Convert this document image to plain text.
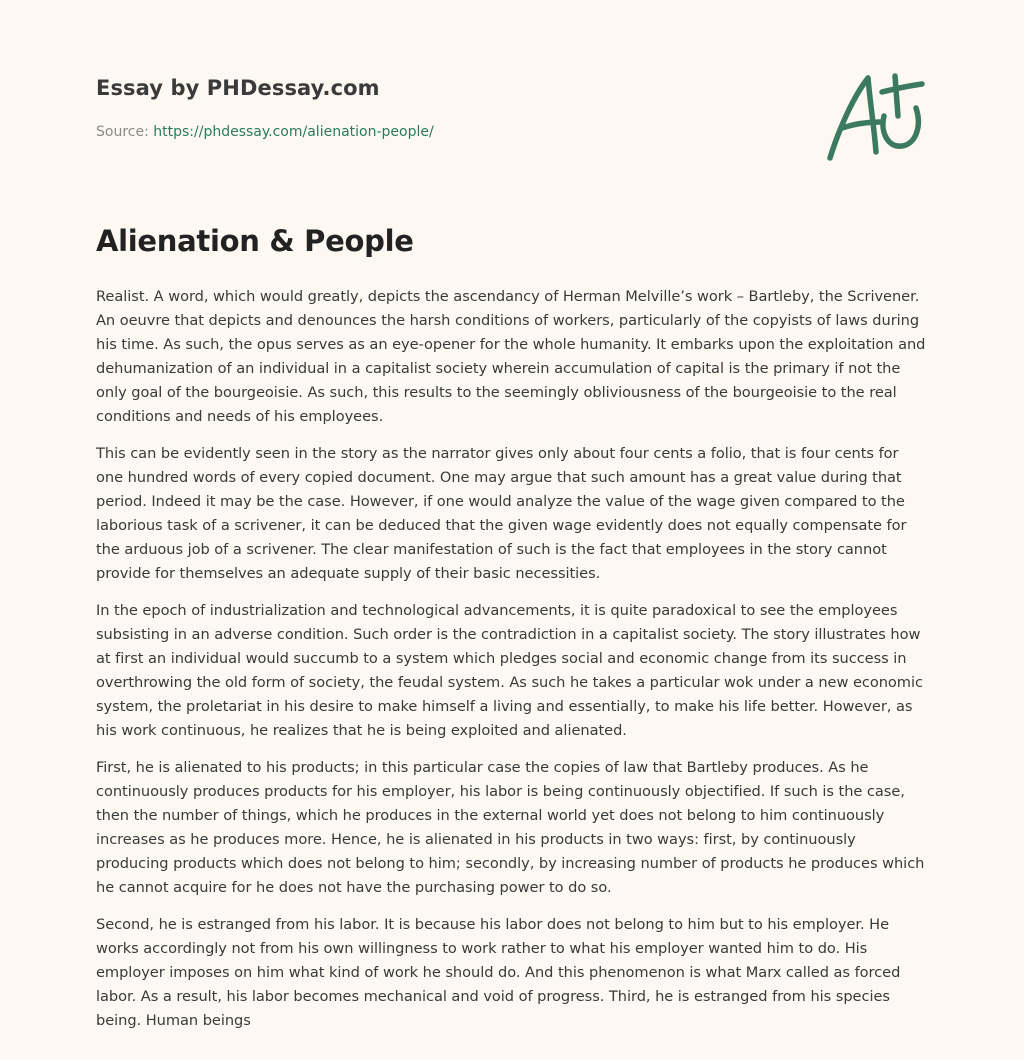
Essay by PHDessay.com
Source: https://phdessay.com/alienation-people/
Alienation & People

Realist. A word, which would greatly, depicts the ascendancy of Herman Melville’s work – Bartleby, the Scrivener. An oeuvre that depicts and denounces the harsh conditions of workers, particularly of the copyists of laws during his time. As such, the opus serves as an eye-opener for the whole humanity. It embarks upon the exploitation and dehumanization of an individual in a capitalist society wherein accumulation of capital is the primary if not the only goal of the bourgeoisie. As such, this results to the seemingly obliviousness of the bourgeoisie to the real conditions and needs of his employees.

This can be evidently seen in the story as the narrator gives only about four cents a folio, that is four cents for one hundred words of every copied document. One may argue that such amount has a great value during that period. Indeed it may be the case. However, if one would analyze the value of the wage given compared to the laborious task of a scrivener, it can be deduced that the given wage evidently does not equally compensate for the arduous job of a scrivener. The clear manifestation of such is the fact that employees in the story cannot provide for themselves an adequate supply of their basic necessities.

In the epoch of industrialization and technological advancements, it is quite paradoxical to see the employees subsisting in an adverse condition. Such order is the contradiction in a capitalist society. The story illustrates how at first an individual would succumb to a system which pledges social and economic change from its success in overthrowing the old form of society, the feudal system. As such he takes a particular wok under a new economic system, the proletariat in his desire to make himself a living and essentially, to make his life better. However, as his work continuous, he realizes that he is being exploited and alienated.

First, he is alienated to his products; in this particular case the copies of law that Bartleby produces. As he continuously produces products for his employer, his labor is being continuously objectified. If such is the case, then the number of things, which he produces in the external world yet does not belong to him continuously increases as he produces more. Hence, he is alienated in his products in two ways: first, by continuously producing products which does not belong to him; secondly, by increasing number of products he produces which he cannot acquire for he does not have the purchasing power to do so.

Second, he is estranged from his labor. It is because his labor does not belong to him but to his employer. He works accordingly not from his own willingness to work rather to what his employer wanted him to do. His employer imposes on him what kind of work he should do. And this phenomenon is what Marx called as forced labor. As a result, his labor becomes mechanical and void of progress. Third, he is estranged from his species being. Human beings
